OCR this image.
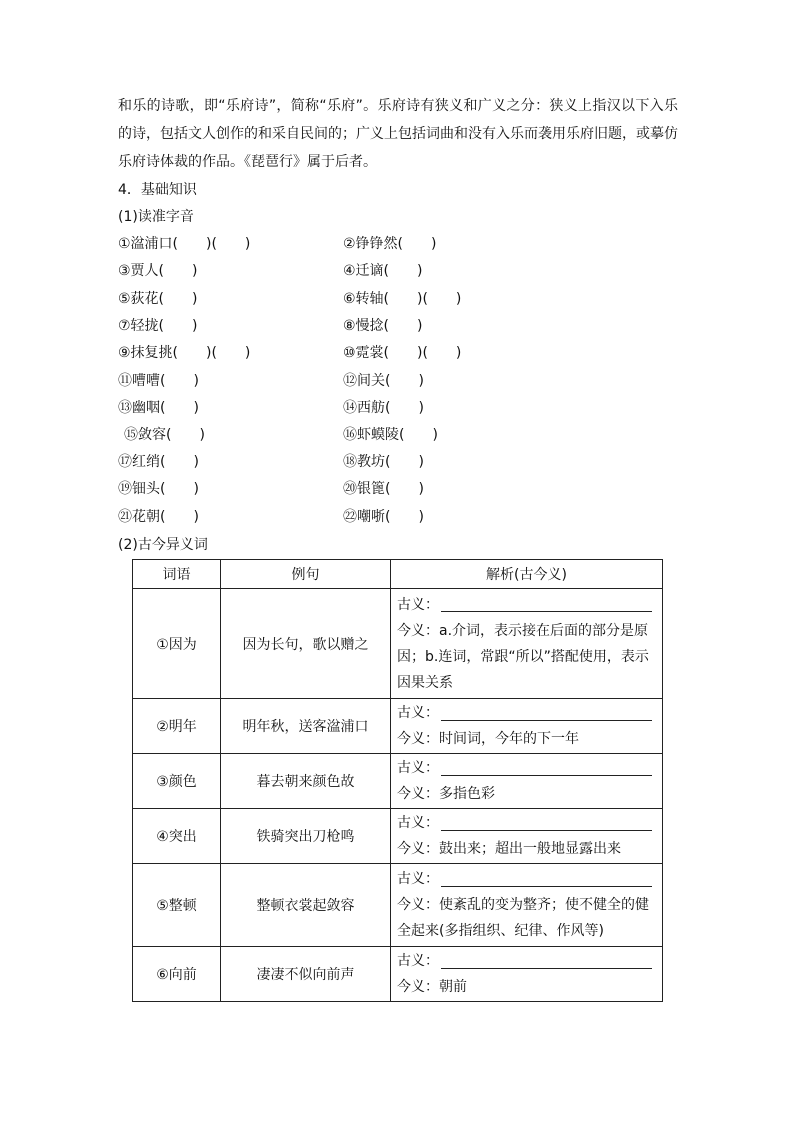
和乐的诗歌，即“乐府诗”，简称“乐府”。乐府诗有狭义和广义之分：狭义上指汉以下入乐的诗，包括文人创作的和采自民间的；广义上包括词曲和没有入乐而袭用乐府旧题，或摹仿乐府诗体裁的作品。《琵琶行》属于后者。

4．基础知识
(1)读准字音
①湓浦口(　　)(　　)	②铮铮然(　　)
③贾人(　　)	④迁谪(　　)
⑤荻花(　　)	⑥转轴(　　)(　　)
⑦轻拢(　　)	⑧慢捻(　　)
⑨抹复挑(　　)(　　)	⑩霓裳(　　)(　　)
⑪嘈嘈(　　)	⑫间关(　　)
⑬幽咽(　　)	⑭西舫(　　)
⑮敛容(　　)	⑯虾蟆陵(　　)
⑰红绡(　　)	⑱教坊(　　)
⑲钿头(　　)	⑳银篦(　　)
㉑花朝(　　)	㉒嘲哳(　　)
(2)古今异义词
词语	例句	解析(古今义)
①因为	因为长句，歌以赠之	古义：
今义：a.介词，表示接在后面的部分是原因；b.连词，常跟“所以”搭配使用，表示因果关系

②明年	明年秋，送客湓浦口	古义：
今义：时间词，今年的下一年

③颜色	暮去朝来颜色故	古义：
今义：多指色彩

④突出	铁骑突出刀枪鸣	古义：
今义：鼓出来；超出一般地显露出来

⑤整顿	整顿衣裳起敛容	古义：
今义：使紊乱的变为整齐；使不健全的健全起来(多指组织、纪律、作风等)

⑥向前	凄凄不似向前声	古义：
今义：朝前
